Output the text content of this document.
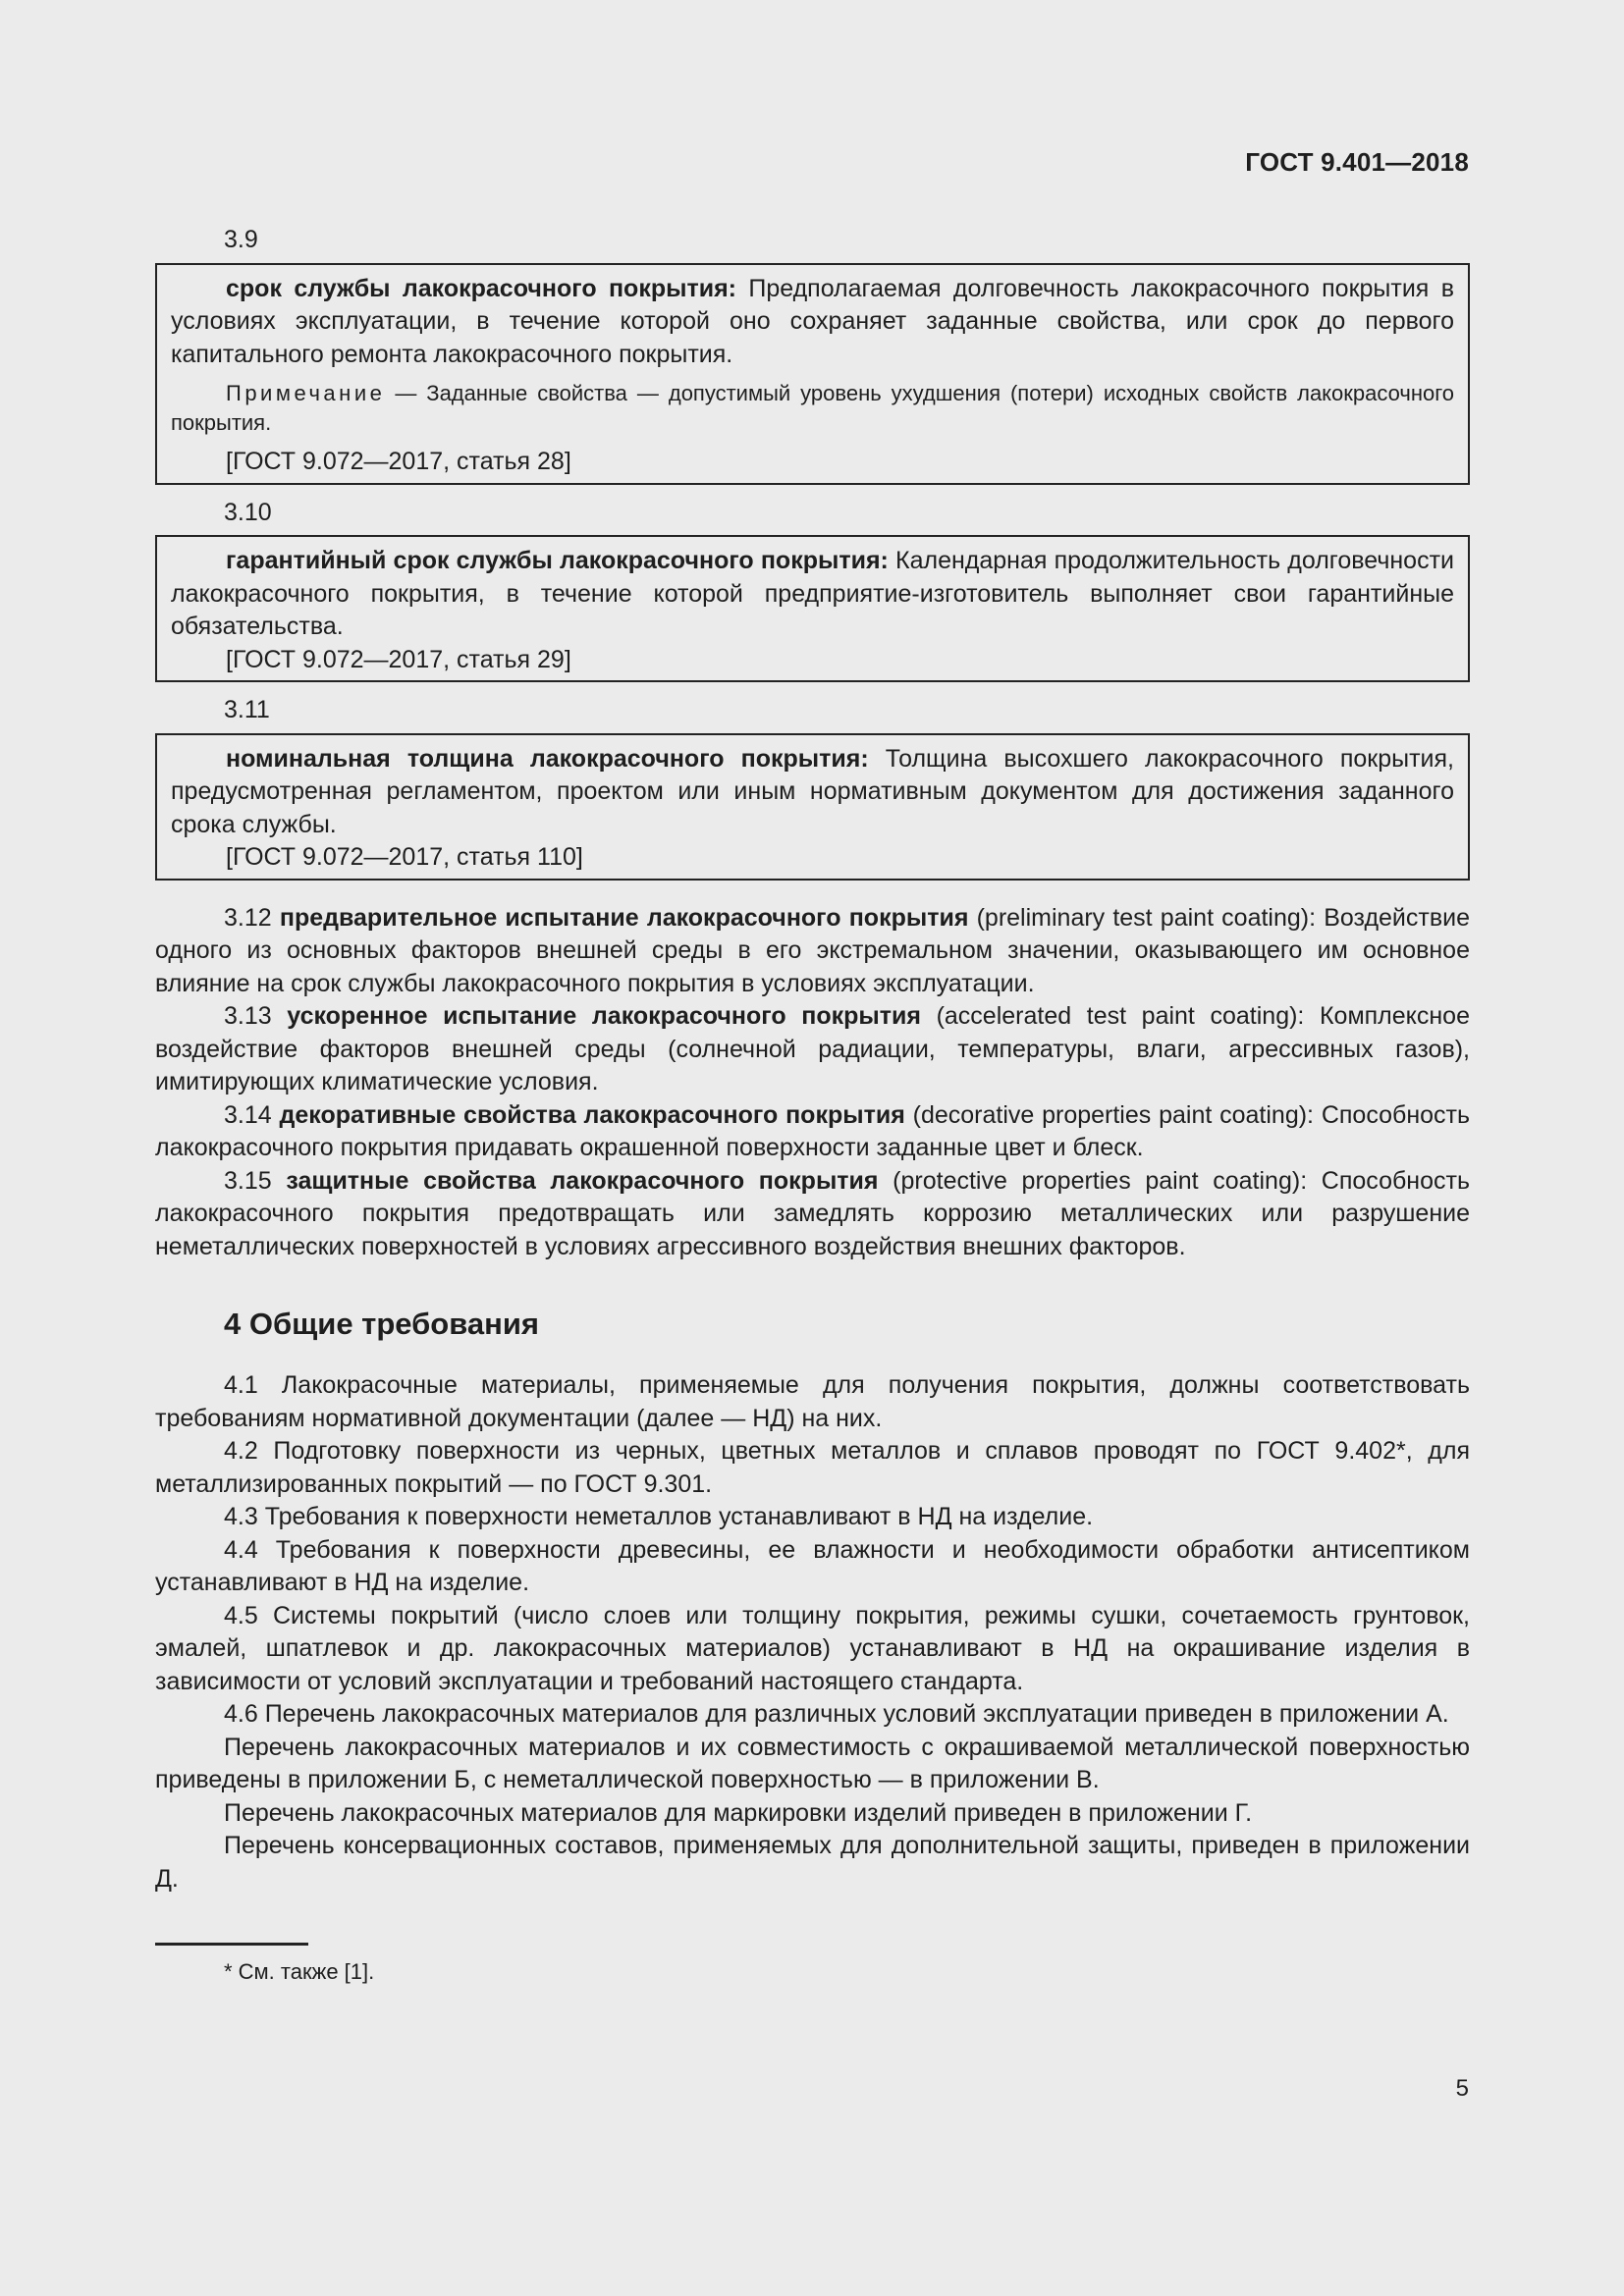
ГОСТ 9.401—2018

3.9

срок службы лакокрасочного покрытия: Предполагаемая долговечность лакокрасочного покрытия в условиях эксплуатации, в течение которой оно сохраняет заданные свойства, или срок до первого капитального ремонта лакокрасочного покрытия.

Примечание — Заданные свойства — допустимый уровень ухудшения (потери) исходных свойств лакокрасочного покрытия.

[ГОСТ 9.072—2017, статья 28]

3.10

гарантийный срок службы лакокрасочного покрытия: Календарная продолжительность долговечности лакокрасочного покрытия, в течение которой предприятие-изготовитель выполняет свои гарантийные обязательства.

[ГОСТ 9.072—2017, статья 29]

3.11

номинальная толщина лакокрасочного покрытия: Толщина высохшего лакокрасочного покрытия, предусмотренная регламентом, проектом или иным нормативным документом для достижения заданного срока службы.

[ГОСТ 9.072—2017, статья 110]

3.12 предварительное испытание лакокрасочного покрытия (preliminary test paint coating): Воздействие одного из основных факторов внешней среды в его экстремальном значении, оказывающего им основное влияние на срок службы лакокрасочного покрытия в условиях эксплуатации.

3.13 ускоренное испытание лакокрасочного покрытия (accelerated test paint coating): Комплексное воздействие факторов внешней среды (солнечной радиации, температуры, влаги, агрессивных газов), имитирующих климатические условия.

3.14 декоративные свойства лакокрасочного покрытия (decorative properties paint coating): Способность лакокрасочного покрытия придавать окрашенной поверхности заданные цвет и блеск.

3.15 защитные свойства лакокрасочного покрытия (protective properties paint coating): Способность лакокрасочного покрытия предотвращать или замедлять коррозию металлических или разрушение неметаллических поверхностей в условиях агрессивного воздействия внешних факторов.

4 Общие требования

4.1 Лакокрасочные материалы, применяемые для получения покрытия, должны соответствовать требованиям нормативной документации (далее — НД) на них.

4.2 Подготовку поверхности из черных, цветных металлов и сплавов проводят по ГОСТ 9.402*, для металлизированных покрытий — по ГОСТ 9.301.

4.3 Требования к поверхности неметаллов устанавливают в НД на изделие.

4.4 Требования к поверхности древесины, ее влажности и необходимости обработки антисептиком устанавливают в НД на изделие.

4.5 Системы покрытий (число слоев или толщину покрытия, режимы сушки, сочетаемость грунтовок, эмалей, шпатлевок и др. лакокрасочных материалов) устанавливают в НД на окрашивание изделия в зависимости от условий эксплуатации и требований настоящего стандарта.

4.6 Перечень лакокрасочных материалов для различных условий эксплуатации приведен в приложении А.

Перечень лакокрасочных материалов и их совместимость с окрашиваемой металлической поверхностью приведены в приложении Б, с неметаллической поверхностью — в приложении В.

Перечень лакокрасочных материалов для маркировки изделий приведен в приложении Г.

Перечень консервационных составов, применяемых для дополнительной защиты, приведен в приложении Д.

* См. также [1].
5
